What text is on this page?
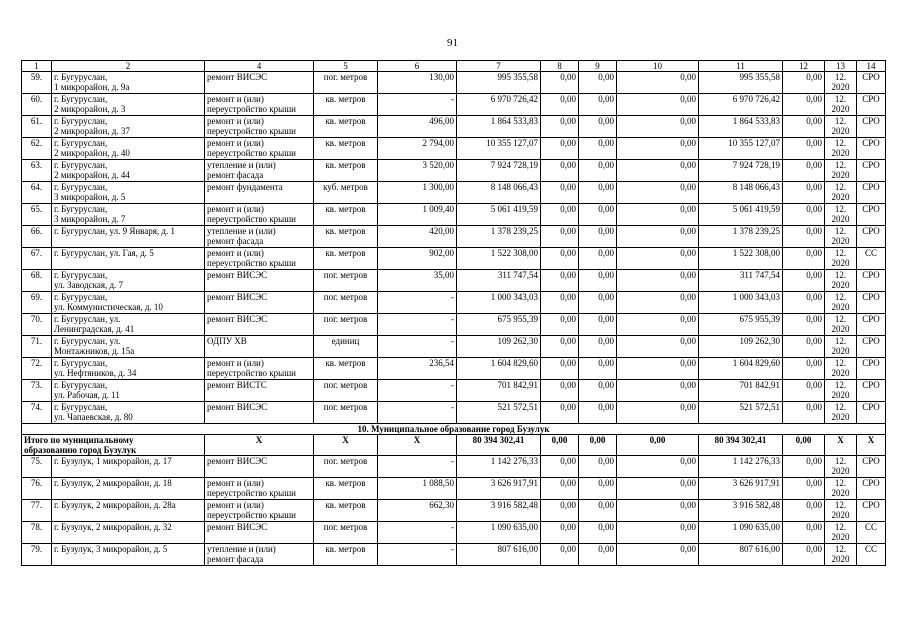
91
1	2	4	5	6	7	8	9	10	11	12	13	14

59.	г. Бугуруслан,
1 микрорайон, д. 9а	ремонт ВИСЭС	пог. метров	130,00	995 355,58	0,00	0,00	0,00	995 355,58	0,00	12.
2020	СРО

60.	г. Бугуруслан,
2 микрорайон, д. 3	ремонт и (или)
переустройство крыши	кв. метров	-	6 970 726,42	0,00	0,00	0,00	6 970 726,42	0,00	12.
2020	СРО

61.	г. Бугуруслан,
2 микрорайон, д. 37	ремонт и (или)
переустройство крыши	кв. метров	496,00	1 864 533,83	0,00	0,00	0,00	1 864 533,83	0,00	12.
2020	СРО

62.	г. Бугуруслан,
2 микрорайон, д. 40	ремонт и (или)
переустройство крыши	кв. метров	2 794,00	10 355 127,07	0,00	0,00	0,00	10 355 127,07	0,00	12.
2020	СРО

63.	г. Бугуруслан,
2 микрорайон, д. 44	утепление и (или)
ремонт фасада	кв. метров	3 520,00	7 924 728,19	0,00	0,00	0,00	7 924 728,19	0,00	12.
2020	СРО

64.	г. Бугуруслан,
3 микрорайон, д. 5	ремонт фундамента	куб. метров	1 300,00	8 148 066,43	0,00	0,00	0,00	8 148 066,43	0,00	12.
2020	СРО

65.	г. Бугуруслан,
3 микрорайон, д. 7	ремонт и (или)
переустройство крыши	кв. метров	1 009,40	5 061 419,59	0,00	0,00	0,00	5 061 419,59	0,00	12.
2020	СРО

66.	г. Бугуруслан, ул. 9 Января, д. 1	утепление и (или)
ремонт фасада	кв. метров	420,00	1 378 239,25	0,00	0,00	0,00	1 378 239,25	0,00	12.
2020	СРО

67.	г. Бугуруслан, ул. Гая, д. 5	ремонт и (или)
переустройство крыши	кв. метров	902,00	1 522 308,00	0,00	0,00	0,00	1 522 308,00	0,00	12.
2020	СС

68.	г. Бугуруслан,
ул. Заводская, д. 7	ремонт ВИСЭС	пог. метров	35,00	311 747,54	0,00	0,00	0,00	311 747,54	0,00	12.
2020	СРО

69.	г. Бугуруслан,
ул. Коммунистическая, д. 10	ремонт ВИСЭС	пог. метров	-	1 000 343,03	0,00	0,00	0,00	1 000 343,03	0,00	12.
2020	СРО

70.	г. Бугуруслан, ул.
Ленинградская, д. 41	ремонт ВИСЭС	пог. метров	-	675 955,39	0,00	0,00	0,00	675 955,39	0,00	12.
2020	СРО

71.	г. Бугуруслан, ул.
Монтажников, д. 15а	ОДПУ ХВ	единиц	-	109 262,30	0,00	0,00	0,00	109 262,30	0,00	12.
2020	СРО

72.	г. Бугуруслан,
ул. Нефтяников, д. 34	ремонт и (или)
переустройство крыши	кв. метров	236,54	1 604 829,60	0,00	0,00	0,00	1 604 829,60	0,00	12.
2020	СРО

73.	г. Бугуруслан,
ул. Рабочая, д. 11	ремонт ВИСТС	пог. метров	-	701 842,91	0,00	0,00	0,00	701 842,91	0,00	12.
2020	СРО

74.	г. Бугуруслан,
ул. Чапаевская, д. 80	ремонт ВИСЭС	пог. метров	-	521 572,51	0,00	0,00	0,00	521 572,51	0,00	12.
2020	СРО

10. Муниципальное образование город Бузулук												

Итого по муниципальному
образованию город Бузулук		X	X	X	80 394 302,41	0,00	0,00	0,00	80 394 302,41	0,00	X	X

75.	г. Бузулук, 1 микрорайон, д. 17	ремонт ВИСЭС	пог. метров	-	1 142 276,33	0,00	0,00	0,00	1 142 276,33	0,00	12.
2020	СРО

76.	г. Бузулук, 2 микрорайон, д. 18	ремонт и (или)
переустройство крыши	кв. метров	1 088,50	3 626 917,91	0,00	0,00	0,00	3 626 917,91	0,00	12.
2020	СРО

77.	г. Бузулук, 2 микрорайон, д. 28а	ремонт и (или)
переустройство крыши	кв. метров	662,30	3 916 582,48	0,00	0,00	0,00	3 916 582,48	0,00	12.
2020	СРО

78.	г. Бузулук, 2 микрорайон, д. 32	ремонт ВИСЭС	пог. метров	-	1 090 635,00	0,00	0,00	0,00	1 090 635,00	0,00	12.
2020	СС

79.	г. Бузулук, 3 микрорайон, д. 5	утепление и (или)
ремонт фасада	кв. метров	-	807 616,00	0,00	0,00	0,00	807 616,00	0,00	12.
2020	СС
